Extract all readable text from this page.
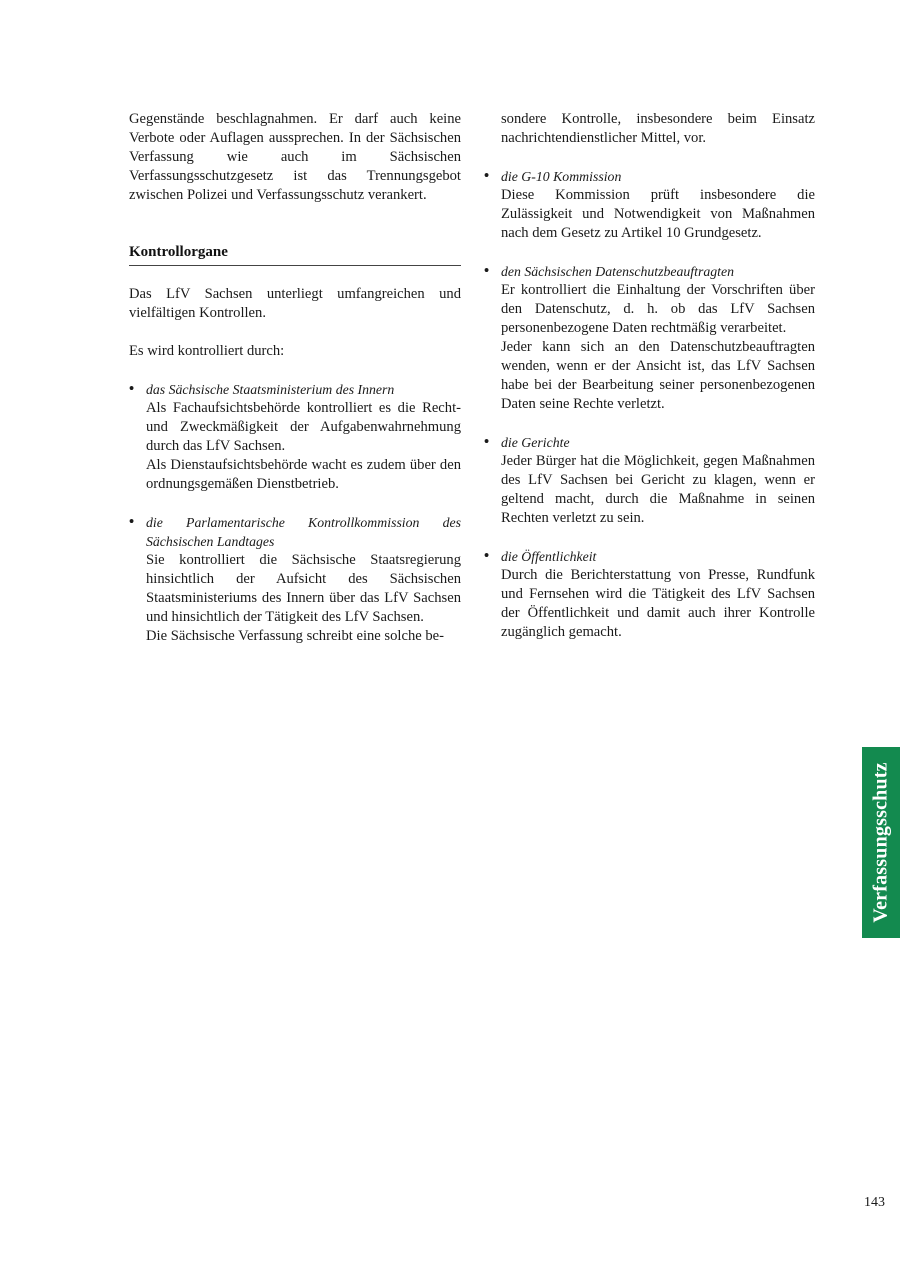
Gegenstände beschlagnahmen. Er darf auch keine Verbote oder Auflagen aussprechen. In der Sächsischen Verfassung wie auch im Sächsischen Verfassungsschutzgesetz ist das Trennungsgebot zwischen Polizei und Verfassungsschutz verankert.

Kontrollorgane

Das LfV Sachsen unterliegt umfangreichen und vielfältigen Kontrollen.

Es wird kontrolliert durch:

• das Sächsische Staatsministerium des Innern
Als Fachaufsichtsbehörde kontrolliert es die Recht- und Zweckmäßigkeit der Aufgabenwahrnehmung durch das LfV Sachsen.
Als Dienstaufsichtsbehörde wacht es zudem über den ordnungsgemäßen Dienstbetrieb.
• die Parlamentarische Kontrollkommission des Sächsischen Landtages
Sie kontrolliert die Sächsische Staatsregierung hinsichtlich der Aufsicht des Sächsischen Staatsministeriums des Innern über das LfV Sachsen und hinsichtlich der Tätigkeit des LfV Sachsen.
Die Sächsische Verfassung schreibt eine solche be-

sondere Kontrolle, insbesondere beim Einsatz nachrichtendienstlicher Mittel, vor.

• die G-10 Kommission
Diese Kommission prüft insbesondere die Zulässigkeit und Notwendigkeit von Maßnahmen nach dem Gesetz zu Artikel 10 Grundgesetz.
• den Sächsischen Datenschutzbeauftragten
Er kontrolliert die Einhaltung der Vorschriften über den Datenschutz, d. h. ob das LfV Sachsen personenbezogene Daten rechtmäßig verarbeitet.
Jeder kann sich an den Datenschutzbeauftragten wenden, wenn er der Ansicht ist, das LfV Sachsen habe bei der Bearbeitung seiner personenbezogenen Daten seine Rechte verletzt.
• die Gerichte
Jeder Bürger hat die Möglichkeit, gegen Maßnahmen des LfV Sachsen bei Gericht zu klagen, wenn er geltend macht, durch die Maßnahme in seinen Rechten verletzt zu sein.
• die Öffentlichkeit
Durch die Berichterstattung von Presse, Rundfunk und Fernsehen wird die Tätigkeit des LfV Sachsen der Öffentlichkeit und damit auch ihrer Kontrolle zugänglich gemacht.
Verfassungsschutz
143
